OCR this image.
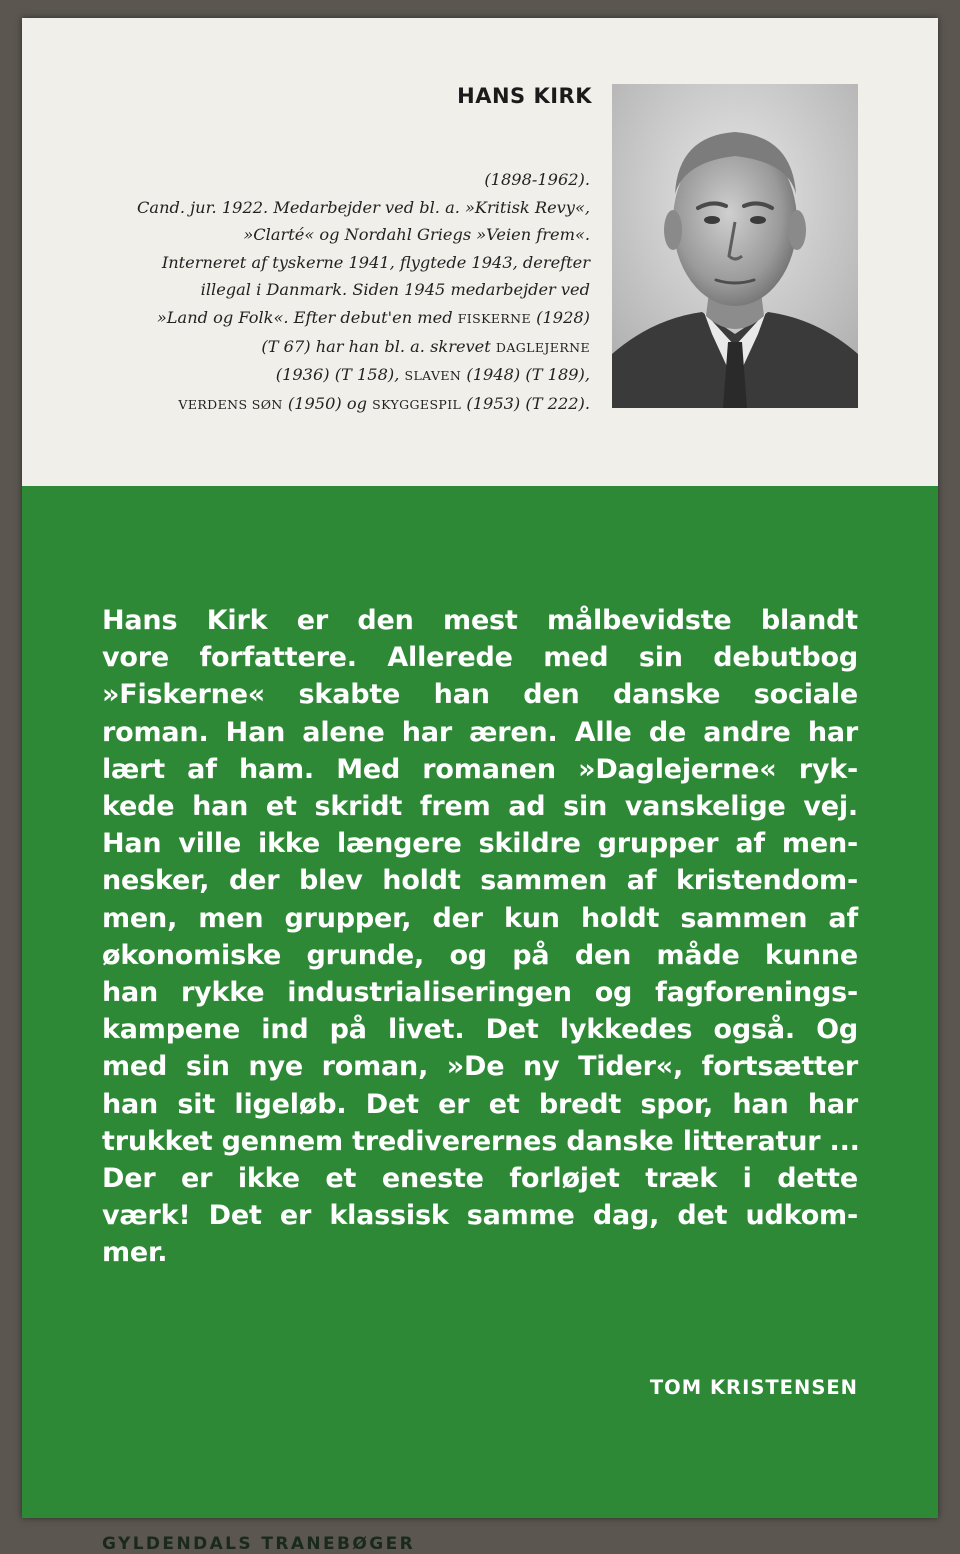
HANS KIRK
(1898-1962).
Cand. jur. 1922. Medarbejder ved bl. a. »Kritisk Revy«,
»Clarté« og Nordahl Griegs »Veien frem«.
Interneret af tyskerne 1941, flygtede 1943, derefter
illegal i Danmark. Siden 1945 medarbejder ved
»Land og Folk«. Efter debut'en med FISKERNE (1928)
(T 67) har han bl. a. skrevet DAGLEJERNE
(1936) (T 158), SLAVEN (1948) (T 189),
VERDENS SØN (1950) og SKYGGESPIL (1953) (T 222).
Hans Kirk er den mest målbevidste blandt
vore forfattere. Allerede med sin debutbog
»Fiskerne« skabte han den danske sociale
roman. Han alene har æren. Alle de andre har
lært af ham. Med romanen »Daglejerne« ryk-
kede han et skridt frem ad sin vanskelige vej.
Han ville ikke længere skildre grupper af men-
nesker, der blev holdt sammen af kristendom-
men, men grupper, der kun holdt sammen af
økonomiske grunde, og på den måde kunne
han rykke industrialiseringen og fagforenings-
kampene ind på livet. Det lykkedes også. Og
med sin nye roman, »De ny Tider«, fortsætter
han sit ligeløb. Det er et bredt spor, han har
trukket gennem trediverernes danske litteratur ...
Der er ikke et eneste forløjet træk i dette
værk! Det er klassisk samme dag, det udkom-
mer.
TOM KRISTENSEN
GYLDENDALS TRANEBØGER
